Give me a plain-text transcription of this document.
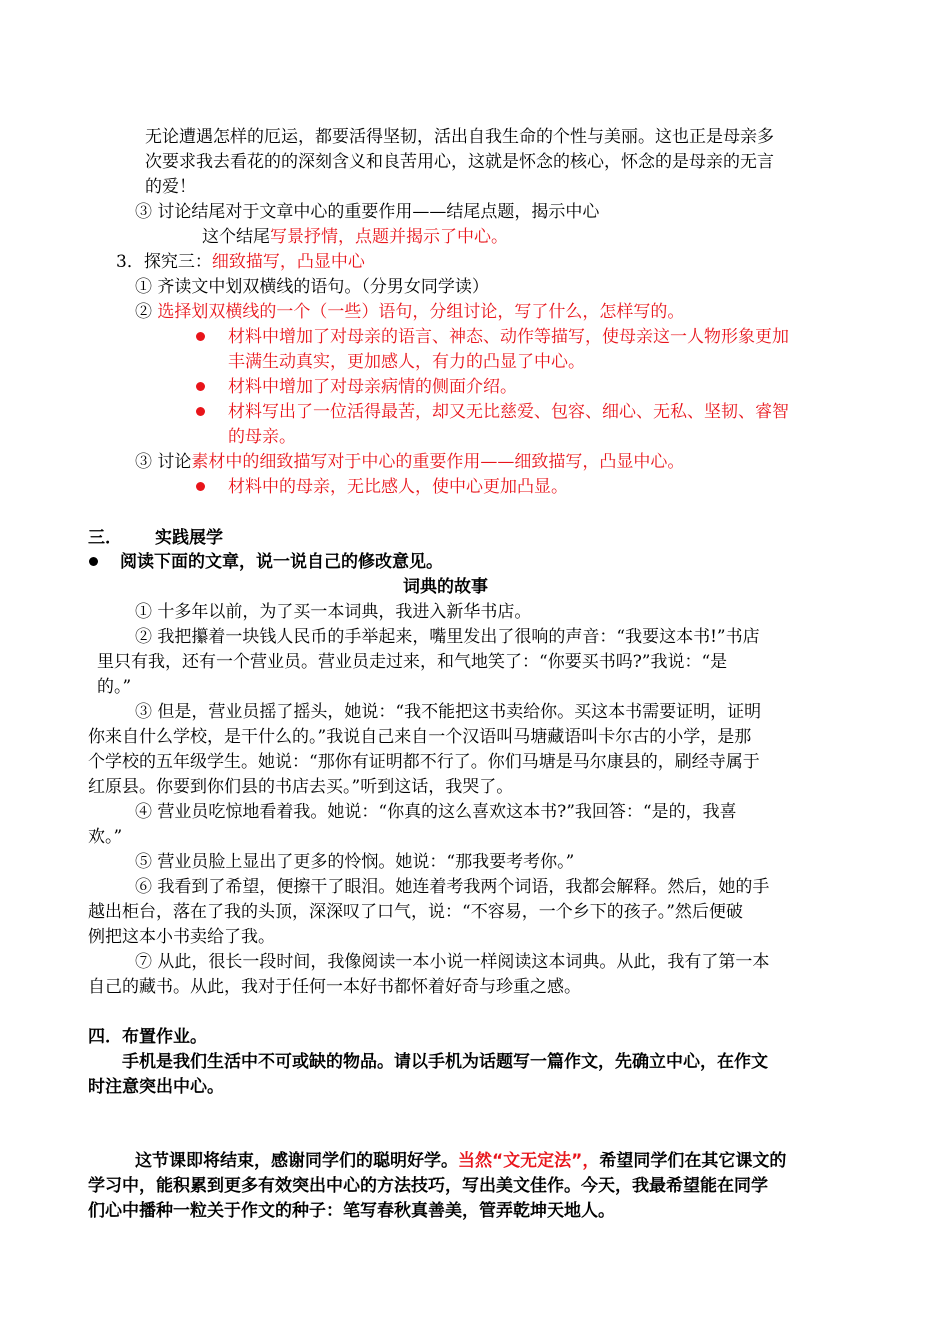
无论遭遇怎样的厄运，都要活得坚韧，活出自我生命的个性与美丽。这也正是母亲多
次要求我去看花的的深刻含义和良苦用心，这就是怀念的核心，怀念的是母亲的无言
的爱！
③ 讨论结尾对于文章中心的重要作用——结尾点题，揭示中心
这个结尾写景抒情，点题并揭示了中心。
3．探究三：细致描写，凸显中心
① 齐读文中划双横线的语句。（分男女同学读）
② 选择划双横线的一个（一些）语句，分组讨论，写了什么，怎样写的。
材料中增加了对母亲的语言、神态、动作等描写，使母亲这一人物形象更加
丰满生动真实，更加感人，有力的凸显了中心。
材料中增加了对母亲病情的侧面介绍。
材料写出了一位活得最苦，却又无比慈爱、包容、细心、无私、坚韧、睿智
的母亲。
③ 讨论素材中的细致描写对于中心的重要作用——细致描写，凸显中心。
材料中的母亲，无比感人，使中心更加凸显。
三． 实践展学
阅读下面的文章，说一说自己的修改意见。
词典的故事
① 十多年以前，为了买一本词典，我进入新华书店。
② 我把攥着一块钱人民币的手举起来，嘴里发出了很响的声音：“我要这本书!”书店
里只有我，还有一个营业员。营业员走过来，和气地笑了：“你要买书吗?”我说：“是
的。”
③ 但是，营业员摇了摇头，她说：“我不能把这书卖给你。买这本书需要证明，证明
你来自什么学校，是干什么的。”我说自己来自一个汉语叫马塘藏语叫卡尔古的小学，是那
个学校的五年级学生。她说：“那你有证明都不行了。你们马塘是马尔康县的，刷经寺属于
红原县。你要到你们县的书店去买。”听到这话，我哭了。
④ 营业员吃惊地看着我。她说：“你真的这么喜欢这本书?”我回答：“是的，我喜
欢。”
⑤ 营业员脸上显出了更多的怜悯。她说：“那我要考考你。”
⑥ 我看到了希望，便擦干了眼泪。她连着考我两个词语，我都会解释。然后，她的手
越出柜台，落在了我的头顶，深深叹了口气，说：“不容易，一个乡下的孩子。”然后便破
例把这本小书卖给了我。
⑦ 从此，很长一段时间，我像阅读一本小说一样阅读这本词典。从此，我有了第一本
自己的藏书。从此，我对于任何一本好书都怀着好奇与珍重之感。
四．布置作业。
手机是我们生活中不可或缺的物品。请以手机为话题写一篇作文，先确立中心，在作文
时注意突出中心。
这节课即将结束，感谢同学们的聪明好学。当然“文无定法”，希望同学们在其它课文的
学习中，能积累到更多有效突出中心的方法技巧，写出美文佳作。今天，我最希望能在同学
们心中播种一粒关于作文的种子：笔写春秋真善美，管弄乾坤天地人。
